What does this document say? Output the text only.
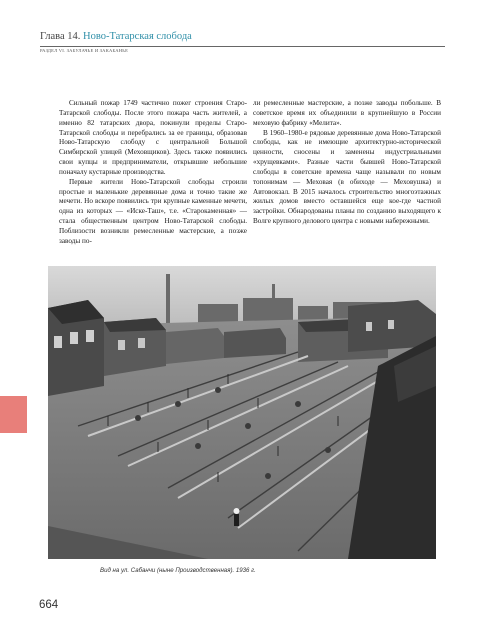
Глава 14. Ново-Татарская слобода
РАЗДЕЛ VI. ЗАБУЛАЧЬЕ И ЗАКАБАНЬЕ

Сильный пожар 1749 частично пожег строения Старо-Татарской слободы. После этого пожара часть жителей, а именно 82 татарских двора, покинули пределы Старо-Татарской слободы и перебрались за ее границы, образовав Ново-Татарскую слободу с центральной Большой Симбирской улицей (Меховщиков). Здесь также появились свои купцы и предприниматели, открывшие небольшие поначалу кустарные производства.

Первые жители Ново-Татарской слободы строили простые и маленькие деревянные дома и точно такие же мечети. Но вскоре появились три крупные каменные мечети, одна из которых — «Иске-Таш», т.е. «Старокаменная» — стала общественным центром Ново-Татарской слободы. Поблизости возникли ремесленные мастерские, а позже заводы пo-

ли ремесленные мастерские, а позже заводы побольше. В советское время их объединили в крупнейшую в России меховую фабрику «Мелита».

В 1960–1980-е рядовые деревянные дома Ново-Татарской слободы, как не имеющие архитектурно-исторической ценности, сносены и заменены индустриальными «хрущевками». Разные части бывшей Ново-Татарской слободы в советские времена чаще называли по новым топонимам — Меховая (в обиходе — Меховушка) и Автовокзал. В 2015 началось строительство многоэтажных жилых домов вместо оставшейся еще кое-где частной застройки. Обнародованы планы по созданию выходящего к Волге крупного делового центра с новыми набережными.

Вид на ул. Сабанчи (ныне Производственная). 1936 г.
664
